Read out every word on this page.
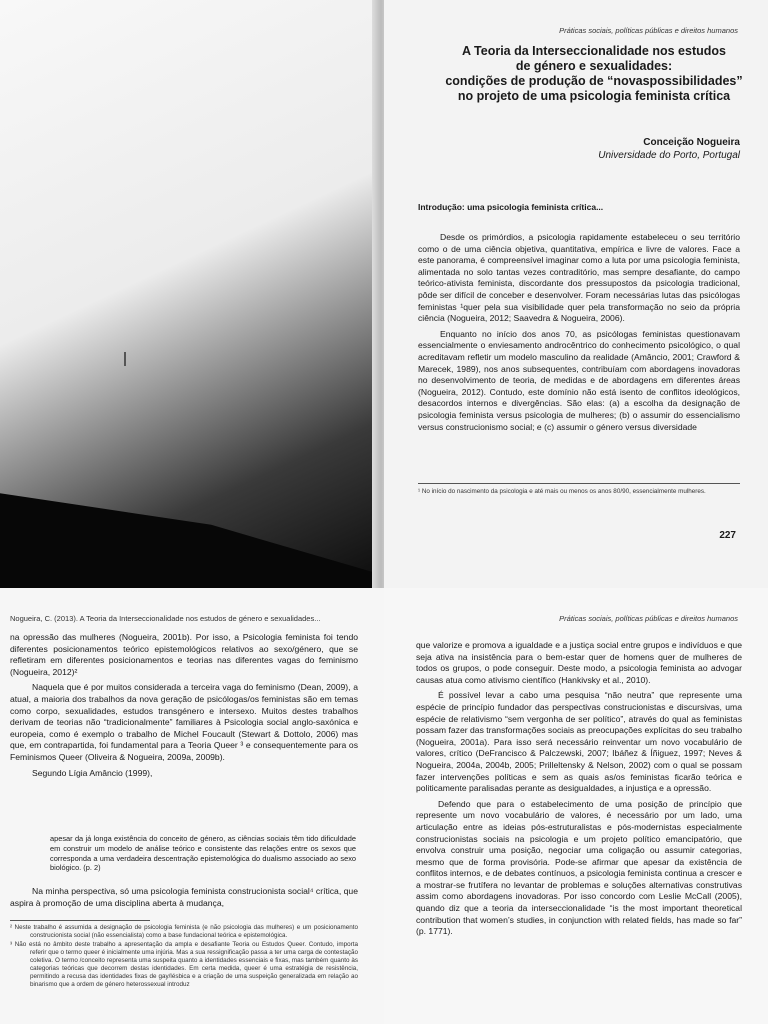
Práticas sociais, políticas públicas e direitos humanos
A Teoria da Interseccionalidade nos estudos
de género e sexualidades:
condições de produção de “novaspossibilidades”
no projeto de uma psicologia feminista crítica
Conceição Nogueira
Universidade do Porto, Portugal
Introdução: uma psicologia feminista crítica...

Desde os primórdios, a psicologia rapidamente estabeleceu o seu território como o de uma ciência objetiva, quantitativa, empírica e livre de valores. Face a este panorama, é compreensível imaginar como a luta por uma psicologia feminista, alimentada no solo tantas vezes contraditório, mas sempre desafiante, do campo teórico-ativista feminista, discordante dos pressupostos da psicologia tradicional, pôde ser difícil de conceber e desenvolver. Foram necessárias lutas das psicólogas feministas ¹quer pela sua visibilidade quer pela transformação no seio da própria ciência (Nogueira, 2012; Saavedra & Nogueira, 2006).

Enquanto no início dos anos 70, as psicólogas feministas questionavam essencialmente o enviesamento androcêntrico do conhecimento psicológico, o qual acreditavam refletir um modelo masculino da realidade (Amâncio, 2001; Crawford & Marecek, 1989), nos anos subsequentes, contribuíam com abordagens inovadoras no desenvolvimento de teoria, de medidas e de abordagens em diferentes áreas (Nogueira, 2012). Contudo, este domínio não está isento de conflitos ideológicos, desacordos internos e divergências. São elas: (a) a escolha da designação de psicologia feminista versus psicologia de mulheres; (b) o assumir do essencialismo versus construcionismo social; e (c) assumir o género versus diversidade

¹ No início do nascimento da psicologia e até mais ou menos os anos 80/90, essencialmente mulheres.
227
Nogueira, C. (2013). A Teoria da Interseccionalidade nos estudos de género e sexualidades...

na opressão das mulheres (Nogueira, 2001b). Por isso, a Psicologia feminista foi tendo diferentes posicionamentos teórico epistemológicos relativos ao sexo/género, que se refletiram em diferentes posicionamentos e teorias nas diferentes vagas do feminismo (Nogueira, 2012)²

Naquela que é por muitos considerada a terceira vaga do feminismo (Dean, 2009), a atual, a maioria dos trabalhos da nova geração de psicólogas/os feministas são em temas como corpo, sexualidades, estudos transgénero e intersexo. Muitos destes trabalhos derivam de teorias não “tradicionalmente” familiares à Psicologia social anglo-saxónica e europeia, como é exemplo o trabalho de Michel Foucault (Stewart & Dottolo, 2006) mas que, em contrapartida, foi fundamental para a Teoria Queer ³ e consequentemente para os Feminismos Queer (Oliveira & Nogueira, 2009a, 2009b).

Segundo Lígia Amâncio (1999),

apesar da já longa existência do conceito de género, as ciências sociais têm tido dificuldade em construir um modelo de análise teórico e consistente das relações entre os sexos que corresponda a uma verdadeira descentração epistemológica do dualismo associado ao sexo biológico. (p. 2)

Na minha perspectiva, só uma psicologia feminista construcionista social⁴ crítica, que aspira à promoção de uma disciplina aberta à mudança,

² Neste trabalho é assumida a designação de psicologia feminista (e não psicologia das mulheres) e um posicionamento construcionista social (não essencialista) como a base fundacional teórica e epistemológica.
³ Não está no âmbito deste trabalho a apresentação da ampla e desafiante Teoria ou Estudos Queer. Contudo, importa referir que o termo queer é inicialmente uma injúria. Mas a sua ressignificação passa a ter uma carga de contestação coletiva. O termo /conceito representa uma suspeita quanto a identidades essenciais e fixas, mas também quanto às categorias teóricas que decorrem destas identidades. Em certa medida, queer é uma estratégia de resistência, permitindo a recusa das identidades fixas de gay/lésbica e a criação de uma suspeição generalizada em relação ao binarismo que a ordem de género heterossexual introduz
Práticas sociais, políticas públicas e direitos humanos

que valorize e promova a igualdade e a justiça social entre grupos e indivíduos e que seja ativa na insistência para o bem-estar quer de homens quer de mulheres de todos os grupos, o pode conseguir. Deste modo, a psicologia feminista ao advogar causas atua como ativismo científico (Hankivsky et al., 2010).

É possível levar a cabo uma pesquisa “não neutra” que represente uma espécie de princípio fundador das perspectivas construcionistas e discursivas, uma espécie de relativismo “sem vergonha de ser político”, através do qual as feministas possam fazer das transformações sociais as preocupações explícitas do seu trabalho (Nogueira, 2001a). Para isso será necessário reinventar um novo vocabulário de valores, crítico (DeFrancisco & Palczewski, 2007; Ibáñez & Íñiguez, 1997; Neves & Nogueira, 2004a, 2004b, 2005; Prilleltensky & Nelson, 2002) com o qual se possam fazer intervenções políticas e sem as quais as/os feministas ficarão teórica e politicamente paralisadas perante as desigualdades, a injustiça e a opressão.

Defendo que para o estabelecimento de uma posição de princípio que represente um novo vocabulário de valores, é necessário por um lado, uma articulação entre as ideias pós-estruturalistas e pós-modernistas especialmente construcionistas sociais na psicologia e um projeto político emancipatório, que envolva construir uma posição, negociar uma coligação ou assumir categorias, mesmo que de forma provisória. Pode-se afirmar que apesar da existência de conflitos internos, e de debates contínuos, a psicologia feminista continua a crescer e a mostrar-se frutífera no levantar de problemas e soluções alternativas construtivas assim como abordagens inovadoras. Por isso concordo com Leslie McCall (2005), quando diz que a teoria da interseccionalidade “is the most important theoretical contribution that women’s studies, in conjunction with related fields, has made so far” (p. 1771).
